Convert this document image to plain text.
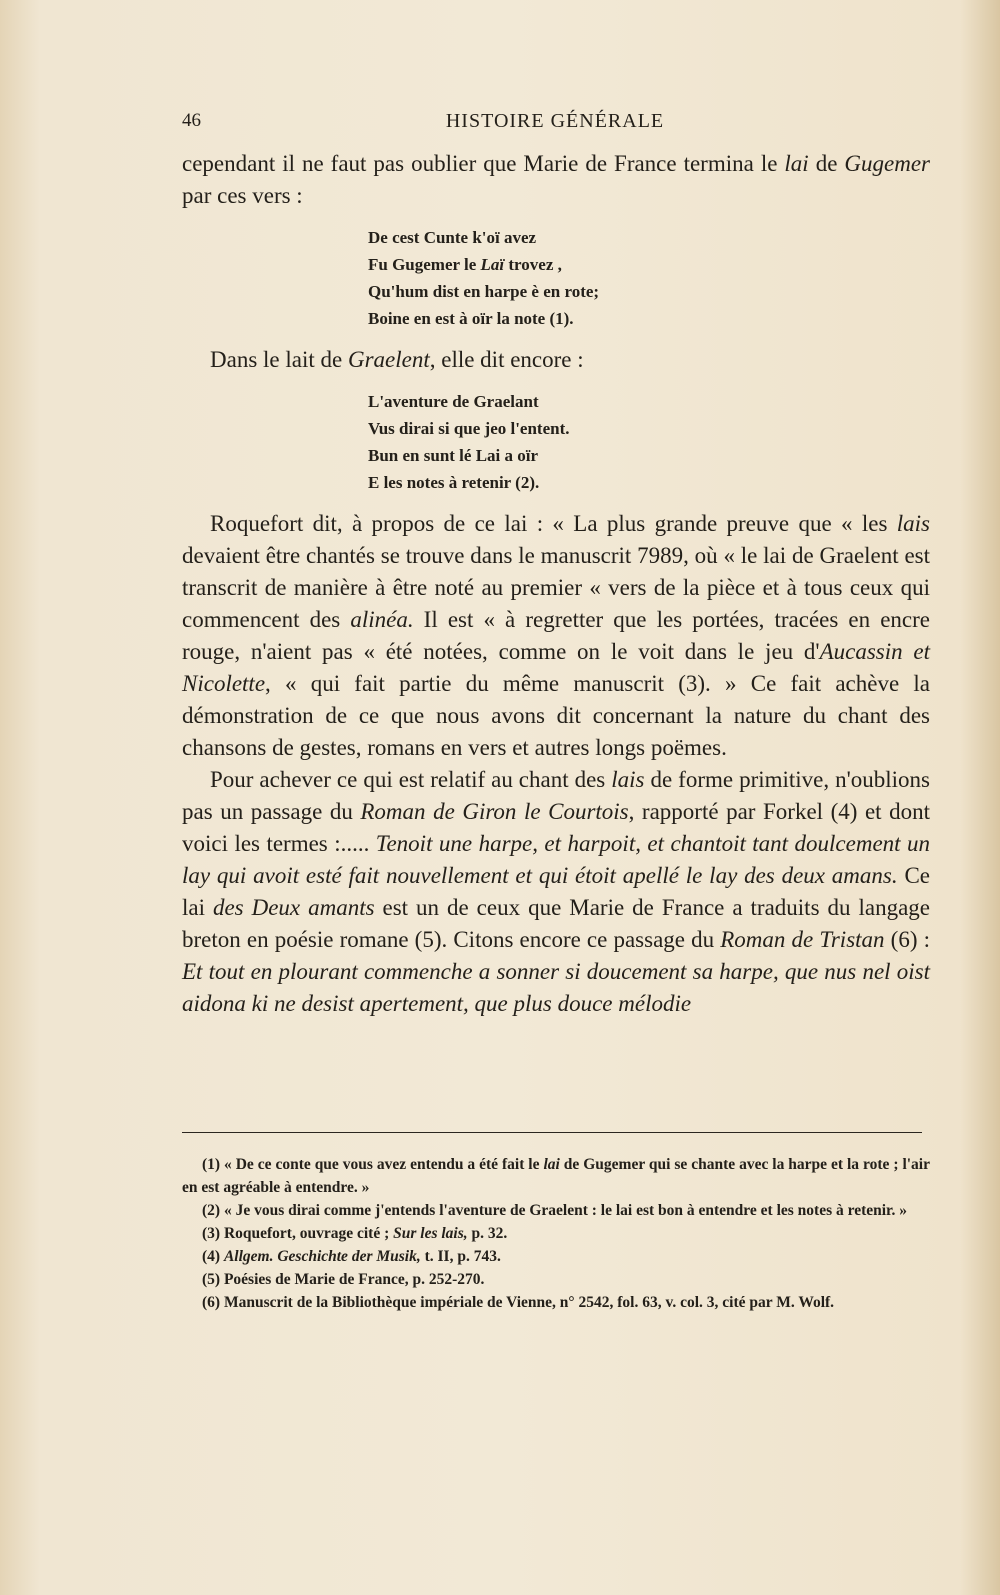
46	HISTOIRE GÉNÉRALE

cependant il ne faut pas oublier que Marie de France termina le lai de Gugemer par ces vers :

De cest Cunte k'oï avez
Fu Gugemer le Laï trovez ,
Qu'hum dist en harpe è en rote;
Boine en est à oïr la note (1).

Dans le lait de Graelent, elle dit encore :

L'aventure de Graelant
Vus dirai si que jeo l'entent.
Bun en sunt lé Lai a oïr
E les notes à retenir (2).

Roquefort dit, à propos de ce lai : « La plus grande preuve que « les lais devaient être chantés se trouve dans le manuscrit 7989, où « le lai de Graelent est transcrit de manière à être noté au premier « vers de la pièce et à tous ceux qui commencent des alinéa. Il est « à regretter que les portées, tracées en encre rouge, n'aient pas « été notées, comme on le voit dans le jeu d'Aucassin et Nicolette, « qui fait partie du même manuscrit (3). » Ce fait achève la démonstration de ce que nous avons dit concernant la nature du chant des chansons de gestes, romans en vers et autres longs poëmes.

Pour achever ce qui est relatif au chant des lais de forme primitive, n'oublions pas un passage du Roman de Giron le Courtois, rapporté par Forkel (4) et dont voici les termes :..... Tenoit une harpe, et harpoit, et chantoit tant doulcement un lay qui avoit esté fait nouvellement et qui étoit apellé le lay des deux amans. Ce lai des Deux amants est un de ceux que Marie de France a traduits du langage breton en poésie romane (5). Citons encore ce passage du Roman de Tristan (6) : Et tout en plourant commenche a sonner si doucement sa harpe, que nus nel oist aidona ki ne desist apertement, que plus douce mélodie

(1) « De ce conte que vous avez entendu a été fait le lai de Gugemer qui se chante avec la harpe et la rote ; l'air en est agréable à entendre. »

(2) « Je vous dirai comme j'entends l'aventure de Graelent : le lai est bon à entendre et les notes à retenir. »

(3) Roquefort, ouvrage cité ; Sur les lais, p. 32.

(4) Allgem. Geschichte der Musik, t. II, p. 743.

(5) Poésies de Marie de France, p. 252-270.

(6) Manuscrit de la Bibliothèque impériale de Vienne, n° 2542, fol. 63, v. col. 3, cité par M. Wolf.
